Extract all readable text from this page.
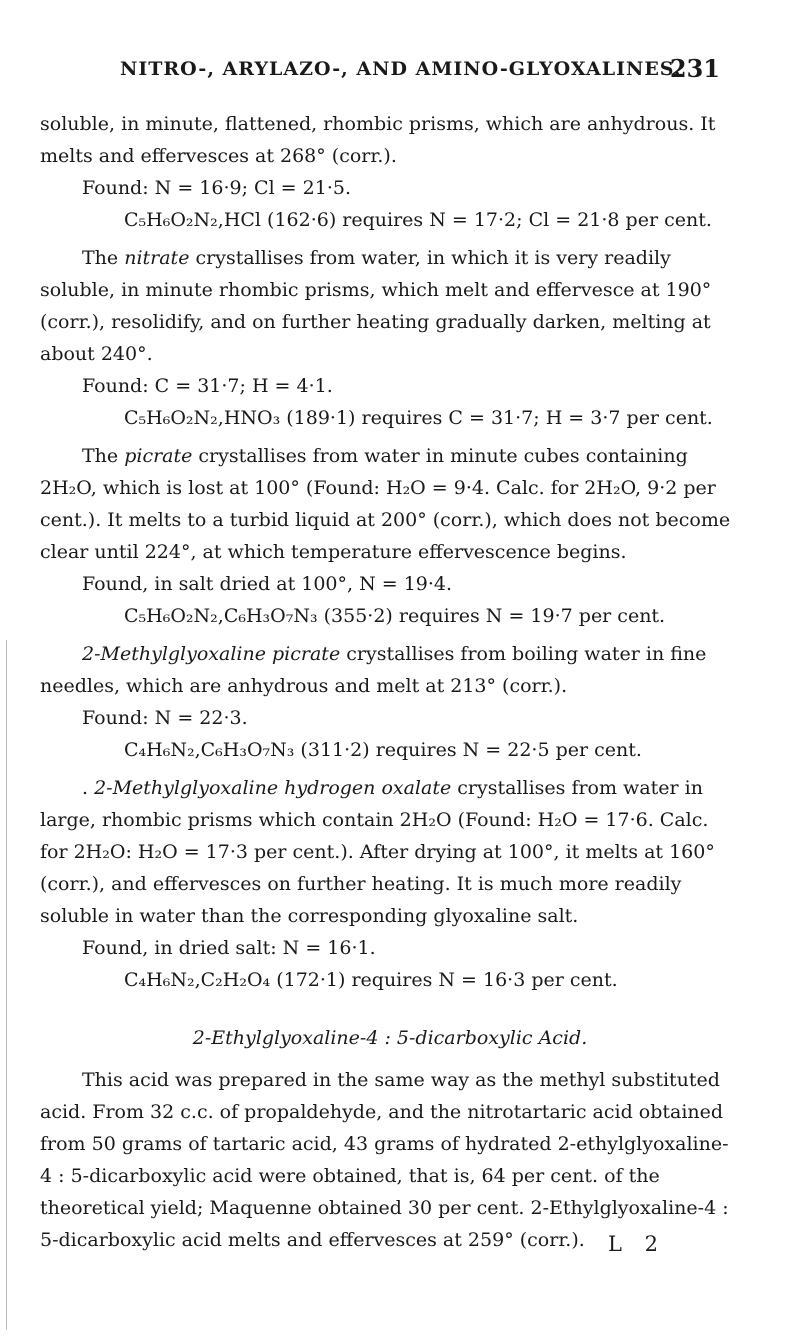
NITRO-, ARYLAZO-, AND AMINO-GLYOXALINES.
231

soluble, in minute, flattened, rhombic prisms, which are anhydrous. It melts and effervesces at 268° (corr.).

Found: N = 16·9; Cl = 21·5.

C₅H₆O₂N₂,HCl (162·6) requires N = 17·2; Cl = 21·8 per cent.

The nitrate crystallises from water, in which it is very readily soluble, in minute rhombic prisms, which melt and effervesce at 190° (corr.), resolidify, and on further heating gradually darken, melting at about 240°.

Found: C = 31·7; H = 4·1.

C₅H₆O₂N₂,HNO₃ (189·1) requires C = 31·7; H = 3·7 per cent.

The picrate crystallises from water in minute cubes containing 2H₂O, which is lost at 100° (Found: H₂O = 9·4. Calc. for 2H₂O, 9·2 per cent.). It melts to a turbid liquid at 200° (corr.), which does not become clear until 224°, at which temperature effervescence begins.

Found, in salt dried at 100°, N = 19·4.

C₅H₆O₂N₂,C₆H₃O₇N₃ (355·2) requires N = 19·7 per cent.

2-Methylglyoxaline picrate crystallises from boiling water in fine needles, which are anhydrous and melt at 213° (corr.).

Found: N = 22·3.

C₄H₆N₂,C₆H₃O₇N₃ (311·2) requires N = 22·5 per cent.

. 2-Methylglyoxaline hydrogen oxalate crystallises from water in large, rhombic prisms which contain 2H₂O (Found: H₂O = 17·6. Calc. for 2H₂O: H₂O = 17·3 per cent.). After drying at 100°, it melts at 160° (corr.), and effervesces on further heating. It is much more readily soluble in water than the corresponding glyoxaline salt.

Found, in dried salt: N = 16·1.

C₄H₆N₂,C₂H₂O₄ (172·1) requires N = 16·3 per cent.

2-Ethylglyoxaline-4 : 5-dicarboxylic Acid.

This acid was prepared in the same way as the methyl substituted acid. From 32 c.c. of propaldehyde, and the nitrotartaric acid obtained from 50 grams of tartaric acid, 43 grams of hydrated 2-ethylglyoxaline-4 : 5-dicarboxylic acid were obtained, that is, 64 per cent. of the theoretical yield; Maquenne obtained 30 per cent. 2-Ethylglyoxaline-4 : 5-dicarboxylic acid melts and effervesces at 259° (corr.).	L 2
